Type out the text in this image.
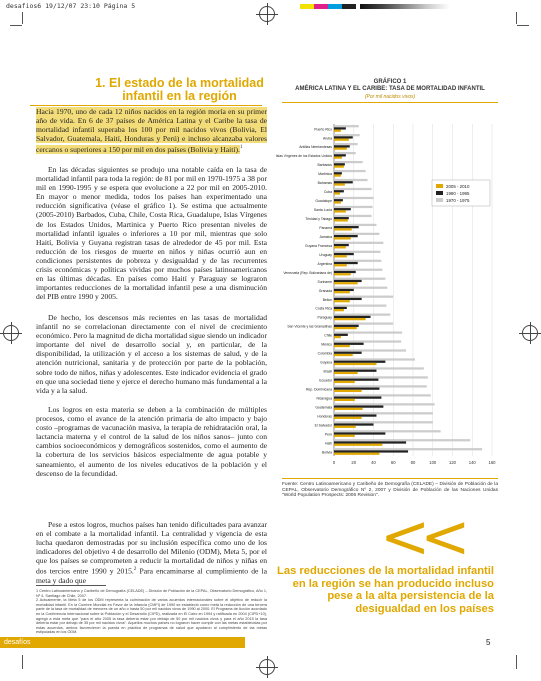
desafios6 19/12/07 23:10 Página 5
1. El estado de la mortalidad infantil en la región
Hacia 1970, uno de cada 12 niños nacidos en la región moría en su primer año de vida. En 6 de 37 países de América Latina y el Caribe la tasa de mortalidad infantil superaba los 100 por mil nacidos vivos (Bolivia, El Salvador, Guatemala, Haití, Honduras y Perú) e incluso alcanzaba valores cercanos o superiores a 150 por mil en dos países (Bolivia y Haití).$^1$
En las décadas siguientes se produjo una notable caída en la tasa de mortalidad infantil para toda la región: de 81 por mil en 1970-1975 a 38 por mil en 1990-1995 y se espera que evolucione a 22 por mil en 2005-2010. En mayor o menor medida, todos los países han experimentado una reducción significativa (véase el gráfico 1). Se estima que actualmente (2005-2010) Barbados, Cuba, Chile, Costa Rica, Guadalupe, Islas Vírgenes de los Estados Unidos, Martinica y Puerto Rico presentan niveles de mortalidad infantil iguales o inferiores a 10 por mil, mientras que solo Haití, Bolivia y Guyana registran tasas de alrededor de 45 por mil. Esta reducción de los riesgos de muerte en niños y niñas ocurrió aun en condiciones persistentes de pobreza y desigualdad y de las recurrentes crisis económicas y políticas vividas por muchos países latinoamericanos en las últimas décadas. En países como Haití y Paraguay se lograron importantes reducciones de la mortalidad infantil pese a una disminución del PIB entre 1990 y 2005.
De hecho, los descensos más recientes en las tasas de mortalidad infantil no se correlacionan directamente con el nivel de crecimiento económico. Pero la magnitud de dicha mortalidad sigue siendo un indicador importante del nivel de desarrollo social y, en particular, de la disponibilidad, la utilización y el acceso a los sistemas de salud, y de la atención nutricional, sanitaria y de protección por parte de la población, sobre todo de niños, niñas y adolescentes. Este indicador evidencia el grado en que una sociedad tiene y ejerce el derecho humano más fundamental a la vida y a la salud.
Los logros en esta materia se deben a la combinación de múltiples procesos, como el avance de la atención primaria de alto impacto y bajo costo –programas de vacunación masiva, la terapia de rehidratación oral, la lactancia materna y el control de la salud de los niños sanos– junto con cambios socioeconómicos y demográficos sostenidos, como el aumento de la cobertura de los servicios básicos especialmente de agua potable y saneamiento, el aumento de los niveles educativos de la población y el descenso de la fecundidad.
Pese a estos logros, muchos países han tenido dificultades para avanzar en el combate a la mortalidad infantil. La centralidad y vigencia de esta lucha quedaron demostradas por su inclusión específica como uno de los indicadores del objetivo 4 de desarrollo del Milenio (ODM), Meta 5, por el que los países se comprometen a reducir la mortalidad de niños y niñas en dos tercios entre 1990 y 2015.$^2$ Para encaminarse al cumplimiento de la meta y dado que
1 Centro Latinoamericano y Caribeño de Demografía (CELADE) – División de Población de la CEPAL, Observatorio Demográfico, Año 1, Nº 4, Santiago de Chile, 2007.
2 Actualmente, la Meta 5 de los ODM representa la culminación de varios acuerdos internacionales sobre el objetivo de reducir la mortalidad infantil. En la Cumbre Mundial en Favor de la Infancia (CMFI) de 1990 se estableció como meta la reducción de una tercera parte de la tasa de mortalidad de menores de un año o hasta 50 por mil nacidos vivos de 1990 al 2000. El Programa de Acción acordado en la Conferencia Internacional sobre la Población y el Desarrollo (CIPD), realizada en El Cairo en 1994 y ratificada en 2004 (CIPD+10), agregó a esta meta que "para el año 2005 la tasa debería estar por debajo de 50 por mil nacidos vivos y para el año 2015 la tasa debería estar por debajo de 35 por mil nacidos vivos". Aquellos muchos países no lograron hacer cumplir con las metas establecidas por estas acuerdos, ambos favorecieron la puesta en práctica de programas de salud que ayudaron al cumplimiento de las metas estipuladas en los ODM.
desafíos	5
GRÁFICO 1
AMÉRICA LATINA Y EL CARIBE: TASA DE MORTALIDAD INFANTIL
(Por mil nacidos vivos)
0	20	40	60	80	100	120	140	160
Puerto Rico
Aruba
Antillas Neerlandesas
Islas Vírgenes de los Estados Unidos
Barbados
Martinica
Bahamas
Cuba
Guadalupe
Santa Lucía
Trinidad y Tabago
Panamá
Jamaica
Guyana Francesa
Uruguay
Argentina
Venezuela (Rep. Bolivariana de)
Suriname
Granada
Belice
Costa Rica
Paraguay
San Vicente y las Granadinas
Chile
México
Colombia
Guyana
Brasil
Ecuador
Rep. Dominicana
Nicaragua
Guatemala
Honduras
El Salvador
Perú
Haití
Bolivia
2005 - 2010
1990 - 1995
1970 - 1975
Fuente: Centro Latinoamericano y Caribeño de Demografía (CELADE) – División de Población de la CEPAL, Observatorio Demográfico Nº 2, 2007 y División de Población de las Naciones Unidas "World Population Prospects: 2006 Revision".
<<
Las reducciones de la mortalidad infantil en la región se han producido incluso pese a la alta persistencia de la desigualdad en los países
